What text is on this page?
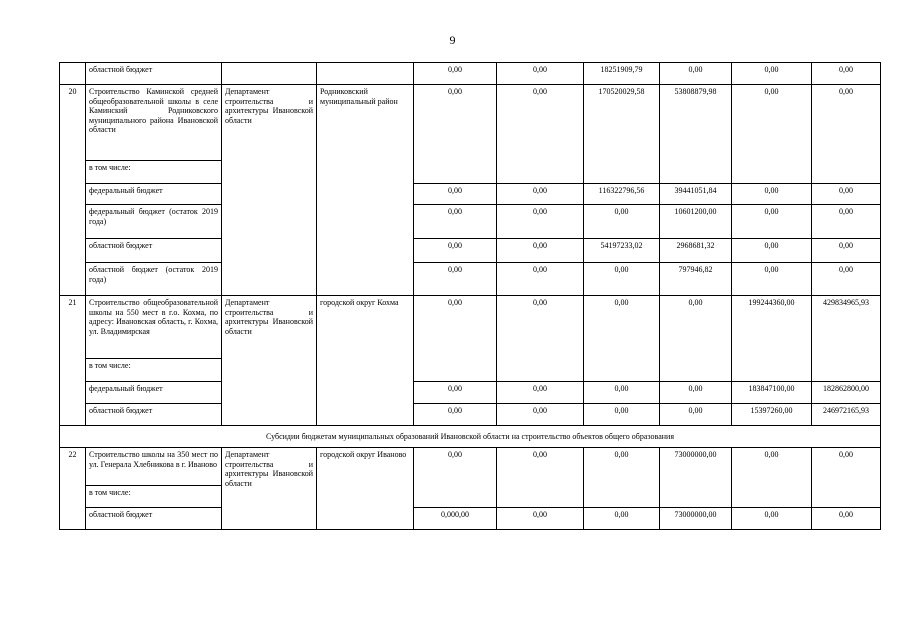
9
	областной бюджет			0,00	0,00	18251909,79	0,00	0,00	0,00
20	Строительство Каминской средней общеобразовательной школы в селе Каминский Родниковского муниципального района Ивановской области	Департамент строительства и архитектуры Ивановской области	Родниковский муниципальный район	0,00	0,00	170520029,58	53808879,98	0,00	0,00
	в том числе:								
	федеральный бюджет			0,00	0,00	116322796,56	39441051,84	0,00	0,00
	федеральный бюджет (остаток 2019 года)			0,00	0,00	0,00	10601200,00	0,00	0,00
	областной бюджет			0,00	0,00	54197233,02	2968681,32	0,00	0,00
	областной бюджет (остаток 2019 года)			0,00	0,00	0,00	797946,82	0,00	0,00
21	Строительство общеобразовательной школы на 550 мест в г.о. Кохма, по адресу: Ивановская область, г. Кохма, ул. Владимирская	Департамент строительства и архитектуры Ивановской области	городской округ Кохма	0,00	0,00	0,00	0,00	199244360,00	429834965,93
	в том числе:								
	федеральный бюджет			0,00	0,00	0,00	0,00	183847100,00	182862800,00
	областной бюджет			0,00	0,00	0,00	0,00	15397260,00	246972165,93
Субсидии бюджетам муниципальных образований Ивановской области на строительство объектов общего образования									
22	Строительство школы на 350 мест по ул. Генерала Хлебникова в г. Иваново	Департамент строительства и архитектуры Ивановской области	городской округ Иваново	0,00	0,00	0,00	73000000,00	0,00	0,00
	в том числе:								
	областной бюджет			0,000,00	0,00	0,00	73000000,00	0,00	0,00
